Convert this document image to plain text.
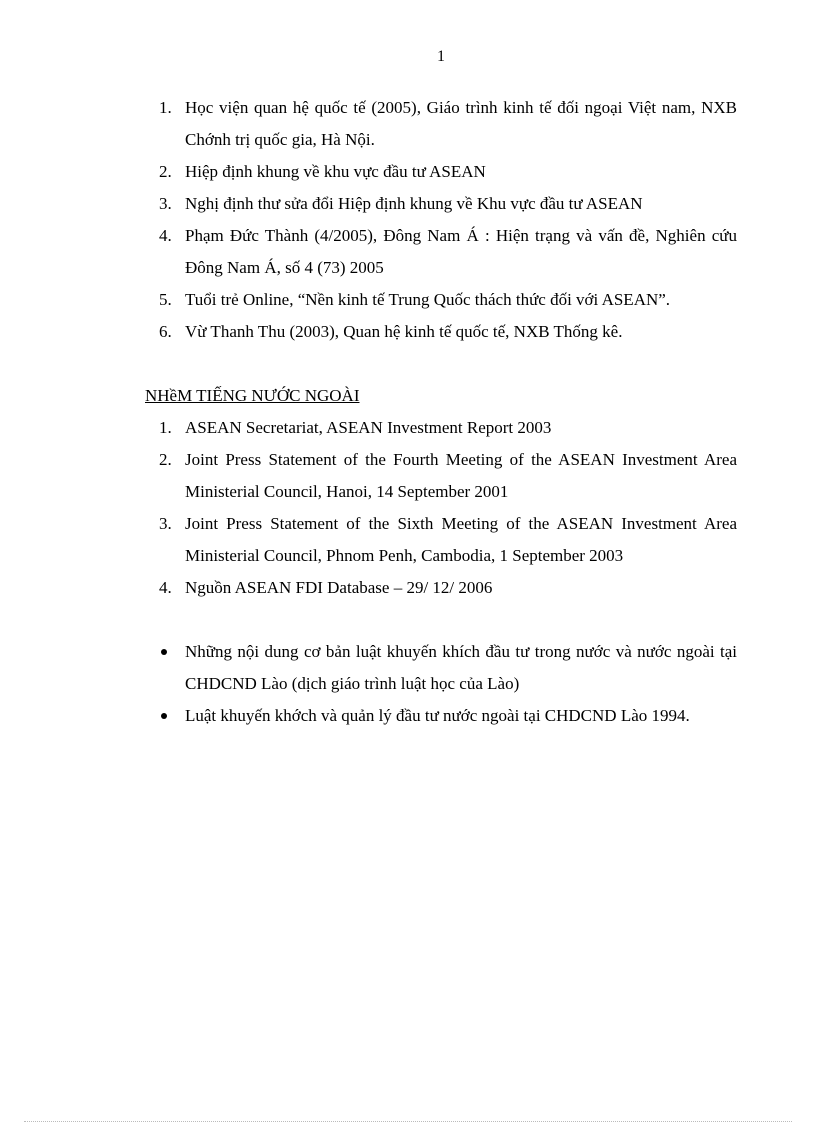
1
1. Học viện quan hệ quốc tế (2005), Giáo trình kinh tế đối ngoại Việt nam, NXB Chớnh trị quốc gia, Hà Nội.
2. Hiệp định khung về khu vực đầu tư ASEAN
3. Nghị định thư sửa đổi Hiệp định khung về Khu vực đầu tư ASEAN
4. Phạm Đức Thành (4/2005), Đông Nam Á : Hiện trạng và vấn đề, Nghiên cứu Đông Nam Á, số 4 (73) 2005
5. Tuổi trẻ Online, “Nền kinh tế Trung Quốc thách thức đối với ASEAN”.
6. Vừ Thanh Thu (2003), Quan hệ kinh tế quốc tế, NXB Thống kê.
NHềM TIẾNG NƯỚC NGOÀI
1. ASEAN Secretariat, ASEAN Investment Report 2003
2. Joint Press Statement of the Fourth Meeting of the ASEAN Investment Area Ministerial Council, Hanoi, 14 September 2001
3. Joint Press Statement of the Sixth Meeting of the ASEAN Investment Area Ministerial Council, Phnom Penh, Cambodia, 1 September 2003
4. Nguồn ASEAN FDI Database – 29/ 12/ 2006
Những nội dung cơ bản luật khuyến khích đầu tư trong nước và nước ngoài tại CHDCND Lào (dịch giáo trình luật học của Lào)
Luật khuyến khớch và quản lý đầu tư nước ngoài tại CHDCND Lào 1994.
